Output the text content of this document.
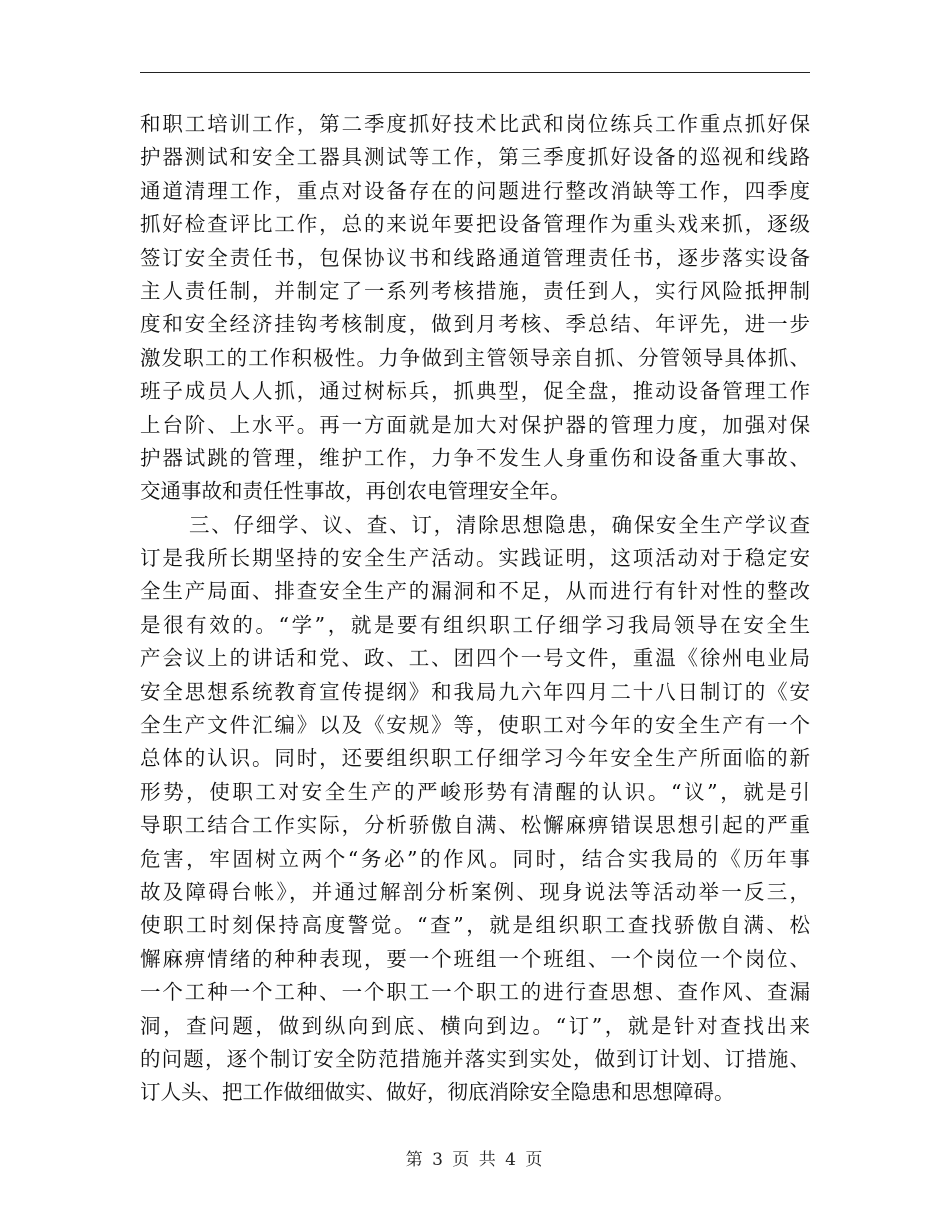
和职工培训工作，第二季度抓好技术比武和岗位练兵工作重点抓好保
护器测试和安全工器具测试等工作，第三季度抓好设备的巡视和线路
通道清理工作，重点对设备存在的问题进行整改消缺等工作，四季度
抓好检查评比工作，总的来说年要把设备管理作为重头戏来抓，逐级
签订安全责任书，包保协议书和线路通道管理责任书，逐步落实设备
主人责任制，并制定了一系列考核措施，责任到人，实行风险抵押制
度和安全经济挂钩考核制度，做到月考核、季总结、年评先，进一步
激发职工的工作积极性。力争做到主管领导亲自抓、分管领导具体抓、
班子成员人人抓，通过树标兵，抓典型，促全盘，推动设备管理工作
上台阶、上水平。再一方面就是加大对保护器的管理力度，加强对保
护器试跳的管理，维护工作，力争不发生人身重伤和设备重大事故、
交通事故和责任性事故，再创农电管理安全年。
三、仔细学、议、查、订，清除思想隐患，确保安全生产学议查
订是我所长期坚持的安全生产活动。实践证明，这项活动对于稳定安
全生产局面、排查安全生产的漏洞和不足，从而进行有针对性的整改
是很有效的。“学”，就是要有组织职工仔细学习我局领导在安全生
产会议上的讲话和党、政、工、团四个一号文件，重温《徐州电业局
安全思想系统教育宣传提纲》和我局九六年四月二十八日制订的《安
全生产文件汇编》以及《安规》等，使职工对今年的安全生产有一个
总体的认识。同时，还要组织职工仔细学习今年安全生产所面临的新
形势，使职工对安全生产的严峻形势有清醒的认识。“议”，就是引
导职工结合工作实际，分析骄傲自满、松懈麻痹错误思想引起的严重
危害，牢固树立两个“务必”的作风。同时，结合实我局的《历年事
故及障碍台帐》，并通过解剖分析案例、现身说法等活动举一反三，
使职工时刻保持高度警觉。“查”，就是组织职工查找骄傲自满、松
懈麻痹情绪的种种表现，要一个班组一个班组、一个岗位一个岗位、
一个工种一个工种、一个职工一个职工的进行查思想、查作风、查漏
洞，查问题，做到纵向到底、横向到边。“订”，就是针对查找出来
的问题，逐个制订安全防范措施并落实到实处，做到订计划、订措施、
订人头、把工作做细做实、做好，彻底消除安全隐患和思想障碍。
第 3 页 共 4 页
